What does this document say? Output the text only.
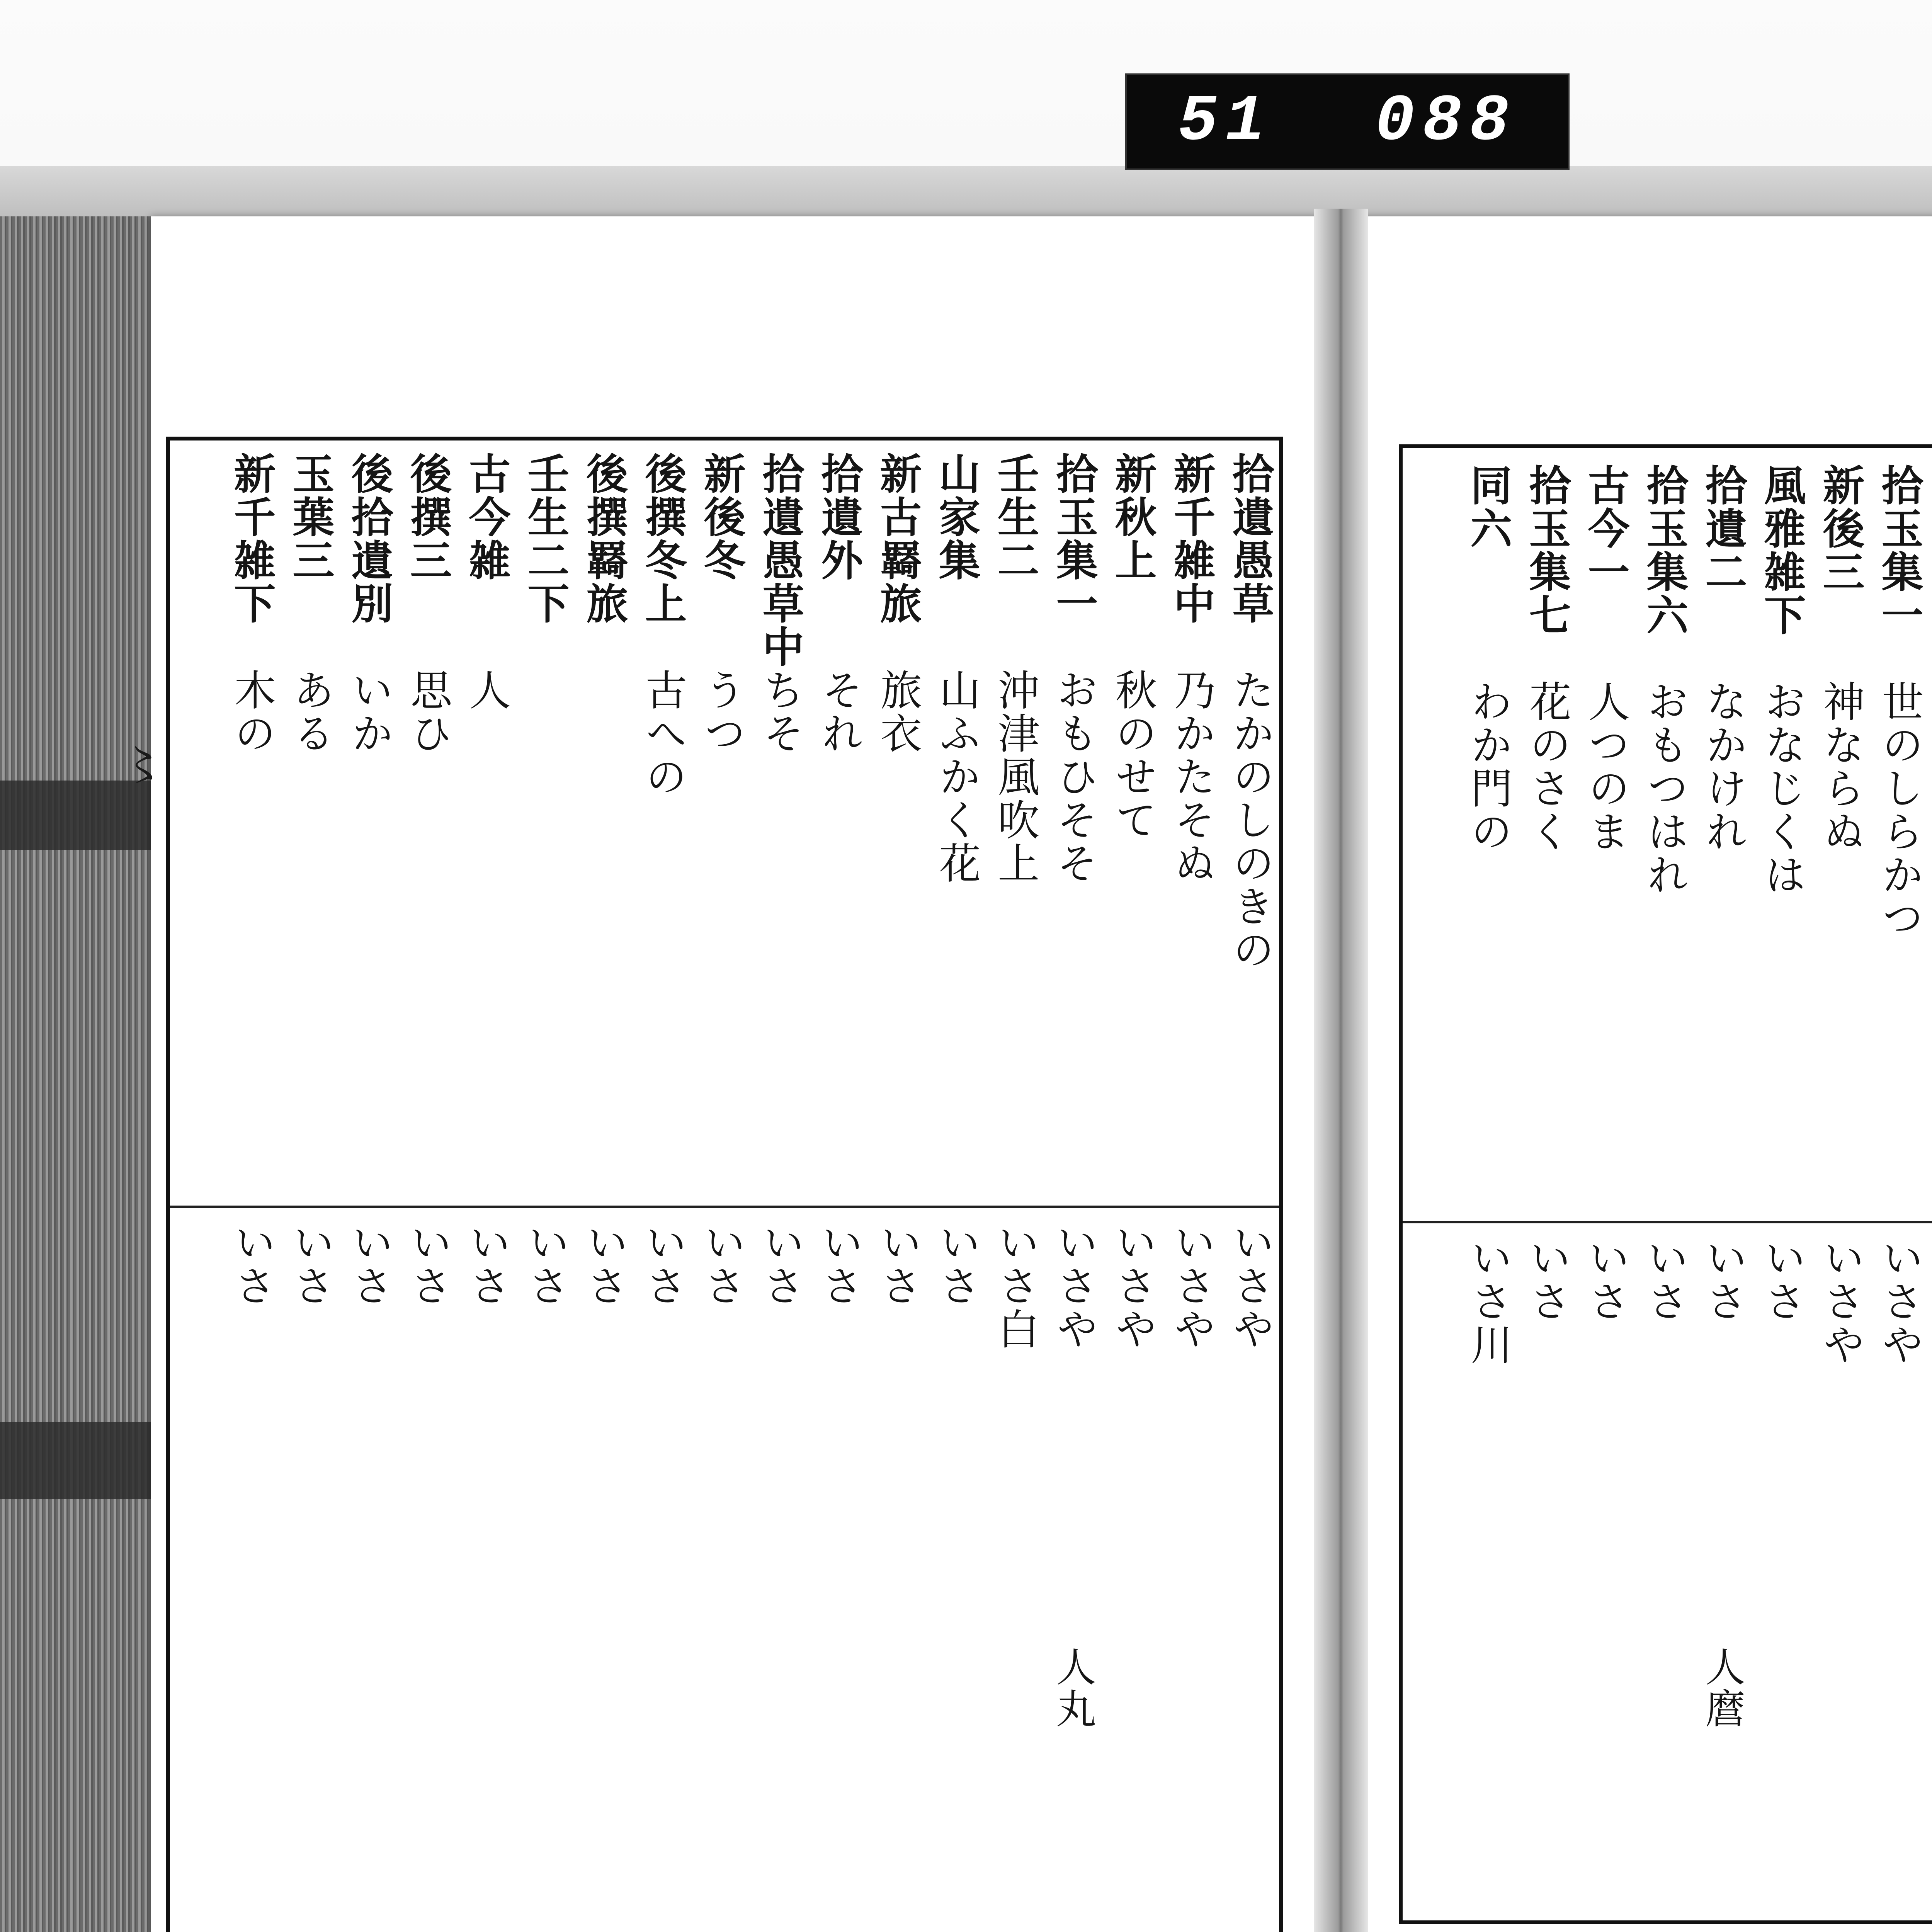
51 088
拾玉集一
世のしらかつ
いさや
新後三
神ならぬ
いさや
風雅雑下
おなじくは
いさ
拾遺二
なかけれ
いさ
人麿
拾玉集六
おもつはれ
いさ
古今一
人つのま
いさ
拾玉集七
花のさく
いさ
同六
わか門の
いさ川
拾遺愚草
たかのしのきの
いさや
新千雑中
乃かたそぬ
いさや
新秋上
秋のせて
いさや
拾玉集一
おもひそそ
いさや
人丸
壬生二
沖津風吹上
いさ白
山家集
山ふかく花
いさ
新古羇旅
旅衣
いさ
拾遺外
それ
いさ
拾遺愚草中
ちそ
いさ
新後冬
うつ
いさ
後撰冬上
古への
いさ
後撰羇旅
いさ
壬生二下
いさ
古今雑
人
いさ
後撰三
思ひ
いさ
後拾遺別
いか
いさ
玉葉三
ある
いさ
新千雑下
木の
いさ
〻
